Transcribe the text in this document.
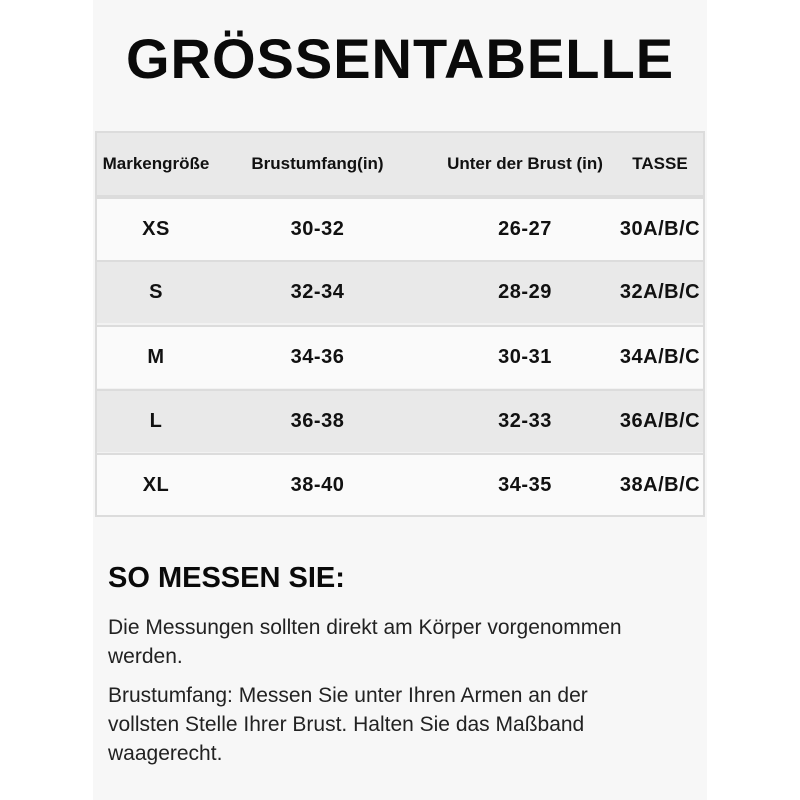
GRÖSSENTABELLE
Markengröße	Brustumfang(in)	Unter der Brust (in)	TASSE
XS	30-32	26-27	30A/B/C
S	32-34	28-29	32A/B/C
M	34-36	30-31	34A/B/C
L	36-38	32-33	36A/B/C
XL	38-40	34-35	38A/B/C
SO MESSEN SIE:
Die Messungen sollten direkt am Körper vorgenommen werden.
Brustumfang: Messen Sie unter Ihren Armen an der vollsten Stelle Ihrer Brust. Halten Sie das Maßband waagerecht.
